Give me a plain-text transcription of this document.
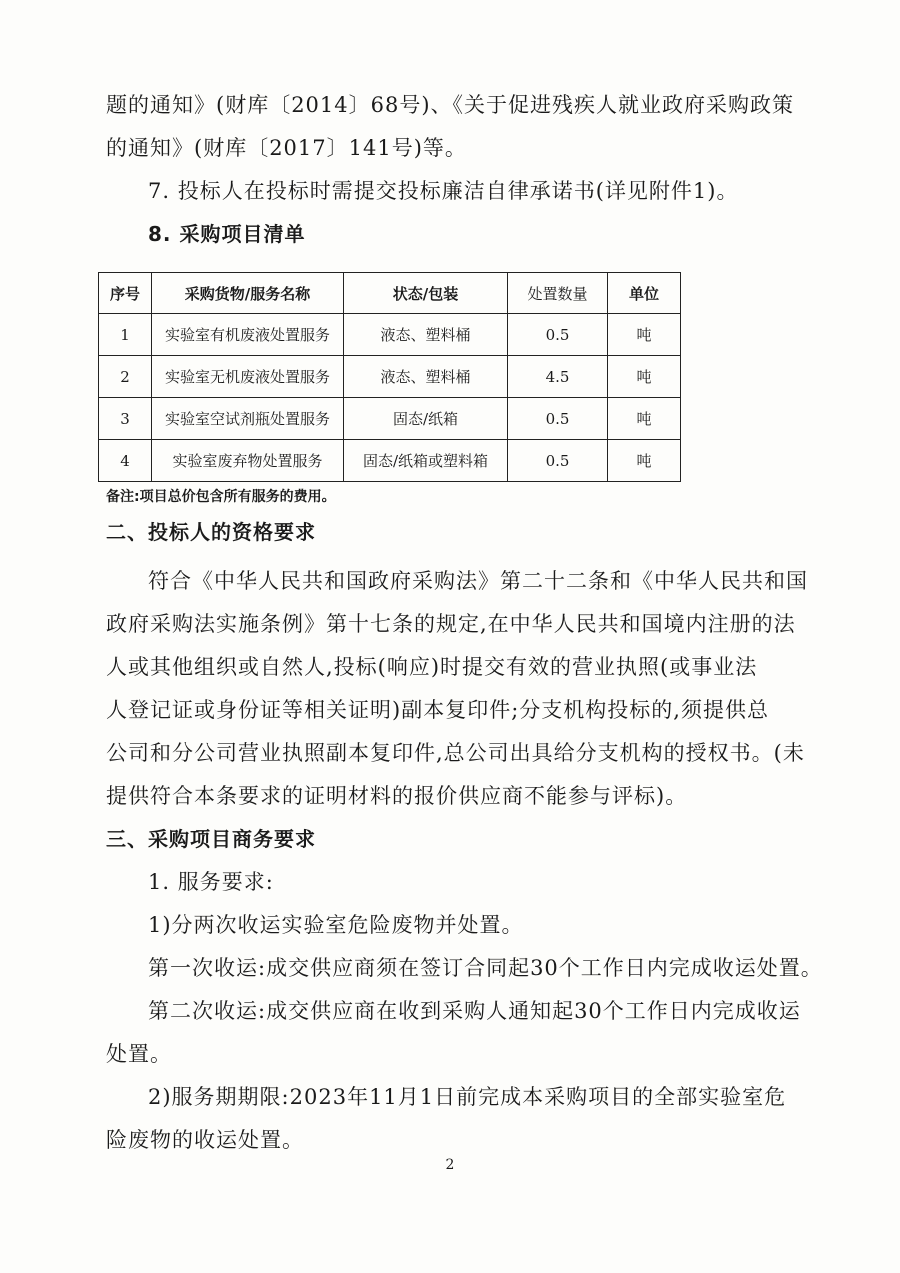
题的通知》(财库〔2014〕68号)、《关于促进残疾人就业政府采购政策
的通知》(财库〔2017〕141号)等。
7. 投标人在投标时需提交投标廉洁自律承诺书(详见附件1)。
8. 采购项目清单
序号	采购货物/服务名称	状态/包装	处置数量	单位
1	实验室有机废液处置服务	液态、塑料桶	0.5	吨
2	实验室无机废液处置服务	液态、塑料桶	4.5	吨
3	实验室空试剂瓶处置服务	固态/纸箱	0.5	吨
4	实验室废弃物处置服务	固态/纸箱或塑料箱	0.5	吨
备注:项目总价包含所有服务的费用。
二、投标人的资格要求
符合《中华人民共和国政府采购法》第二十二条和《中华人民共和国
政府采购法实施条例》第十七条的规定,在中华人民共和国境内注册的法
人或其他组织或自然人,投标(响应)时提交有效的营业执照(或事业法
人登记证或身份证等相关证明)副本复印件;分支机构投标的,须提供总
公司和分公司营业执照副本复印件,总公司出具给分支机构的授权书。(未
提供符合本条要求的证明材料的报价供应商不能参与评标)。
三、采购项目商务要求
1. 服务要求:
1)分两次收运实验室危险废物并处置。
第一次收运:成交供应商须在签订合同起30个工作日内完成收运处置。
第二次收运:成交供应商在收到采购人通知起30个工作日内完成收运
处置。
2)服务期期限:2023年11月1日前完成本采购项目的全部实验室危
险废物的收运处置。
2
